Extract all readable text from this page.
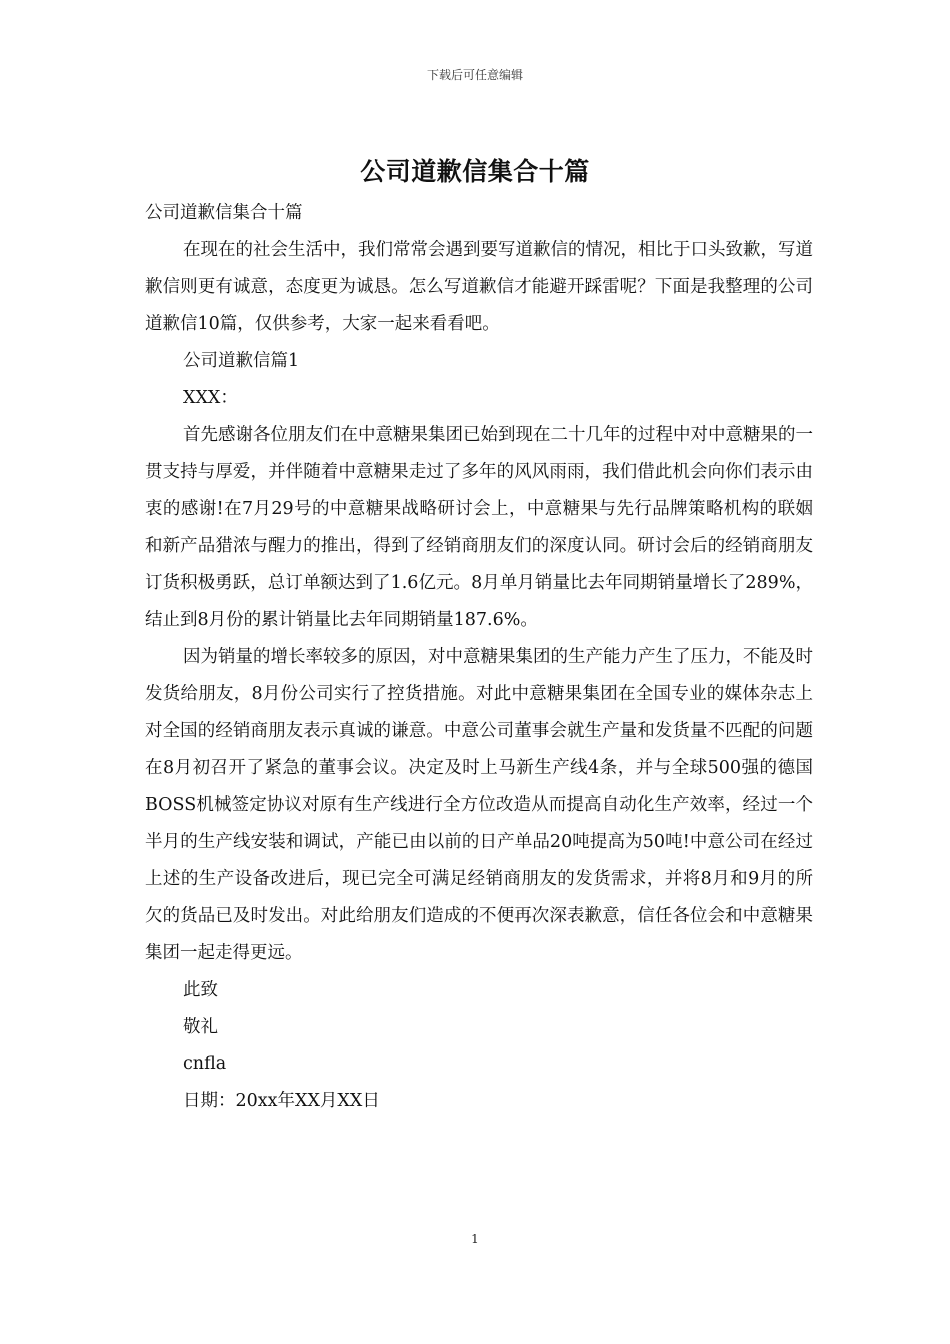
下载后可任意编辑
公司道歉信集合十篇

公司道歉信集合十篇

在现在的社会生活中，我们常常会遇到要写道歉信的情况，相比于口头致歉，写道歉信则更有诚意，态度更为诚恳。怎么写道歉信才能避开踩雷呢？下面是我整理的公司道歉信10篇，仅供参考，大家一起来看看吧。

公司道歉信篇1

XXX：

首先感谢各位朋友们在中意糖果集团已始到现在二十几年的过程中对中意糖果的一贯支持与厚爱，并伴随着中意糖果走过了多年的风风雨雨，我们借此机会向你们表示由衷的感谢!在7月29号的中意糖果战略研讨会上，中意糖果与先行品牌策略机构的联姻和新产品猎浓与醒力的推出，得到了经销商朋友们的深度认同。研讨会后的经销商朋友订货积极勇跃，总订单额达到了1.6亿元。8月单月销量比去年同期销量增长了289%，结止到8月份的累计销量比去年同期销量187.6%。

因为销量的增长率较多的原因，对中意糖果集团的生产能力产生了压力，不能及时发货给朋友，8月份公司实行了控货措施。对此中意糖果集团在全国专业的媒体杂志上对全国的经销商朋友表示真诚的谦意。中意公司董事会就生产量和发货量不匹配的问题在8月初召开了紧急的董事会议。决定及时上马新生产线4条，并与全球500强的德国BOSS机械签定协议对原有生产线进行全方位改造从而提高自动化生产效率，经过一个半月的生产线安装和调试，产能已由以前的日产单品20吨提高为50吨!中意公司在经过上述的生产设备改进后，现已完全可满足经销商朋友的发货需求，并将8月和9月的所欠的货品已及时发出。对此给朋友们造成的不便再次深表歉意，信任各位会和中意糖果集团一起走得更远。

此致

敬礼

cnfla

日期：20xx年XX月XX日

1
